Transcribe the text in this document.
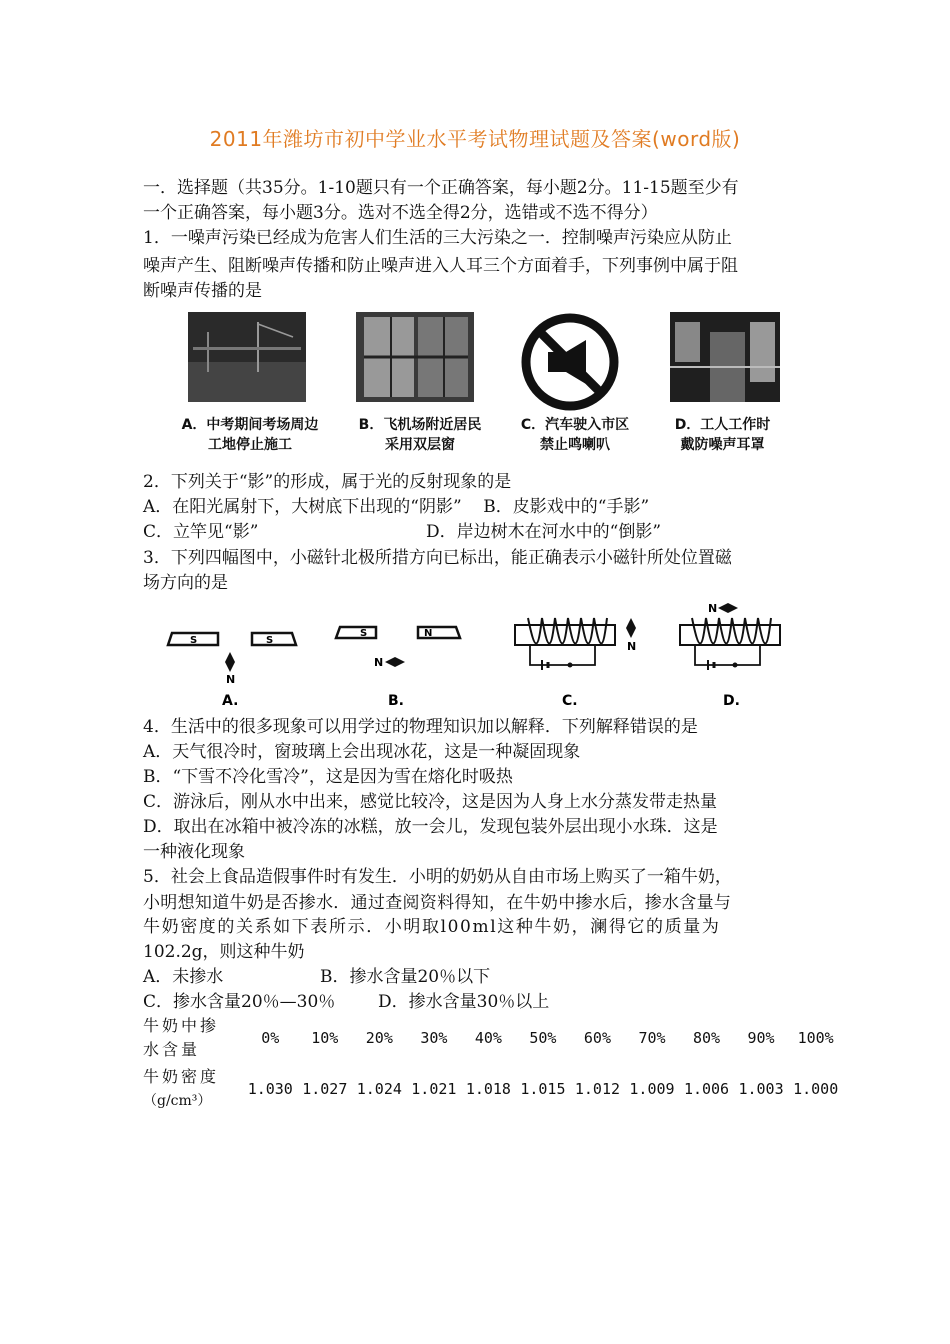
2011年潍坊市初中学业水平考试物理试题及答案(word版)
一．选择题（共35分。1-10题只有一个正确答案，每小题2分。11-15题至少有
一个正确答案，每小题3分。选对不选全得2分，选错或不选不得分）
1．一噪声污染已经成为危害人们生活的三大污染之一．控制噪声污染应从防止
噪声产生、阻断噪声传播和防止噪声进入人耳三个方面着手，下列事例中属于阻
断噪声传播的是
A．中考期间考场周边
工地停止施工
B．飞机场附近居民
采用双层窗
C．汽车驶入市区
禁止鸣喇叭
D．工人工作时
戴防噪声耳罩
2．下列关于“影”的形成，属于光的反射现象的是
A．在阳光属射下，大树底下出现的“阴影”    B．皮影戏中的“手影”
C．立竿见“影”	D．岸边树木在河水中的“倒影”
3．下列四幅图中，小磁针北极所措方向已标出，能正确表示小磁针所处位置磁
场方向的是
S	S
N
A.
S	N
N
B.
N
C.
N
D.
4．生活中的很多现象可以用学过的物理知识加以解释．下列解释错误的是
A．天气很冷时，窗玻璃上会出现冰花，这是一种凝固现象
B．“下雪不冷化雪冷”，这是因为雪在熔化时吸热
C．游泳后，刚从水中出来，感觉比较冷，这是因为人身上水分蒸发带走热量
D．取出在冰箱中被冷冻的冰糕，放一会儿，发现包装外层出现小水珠．这是
一种液化现象
5．社会上食品造假事件时有发生．小明的奶奶从自由市场上购买了一箱牛奶，
小明想知道牛奶是否掺水．通过查阅资料得知，在牛奶中掺水后，掺水含量与
牛奶密度的关系如下表所示．小明取l00ml这种牛奶，澜得它的质量为
102.2g，则这种牛奶
A．未掺水	B．掺水含量20％以下
C．掺水含量20％—30％	D．掺水含量30％以上
牛奶中掺
水含量	0%	10%	20%	30%	40%	50%	60%	70%	80%	90%	100%

牛奶密度
（g/cm³）	1.030	1.027	1.024	1.021	1.018	1.015	1.012	1.009	1.006	1.003	1.000
